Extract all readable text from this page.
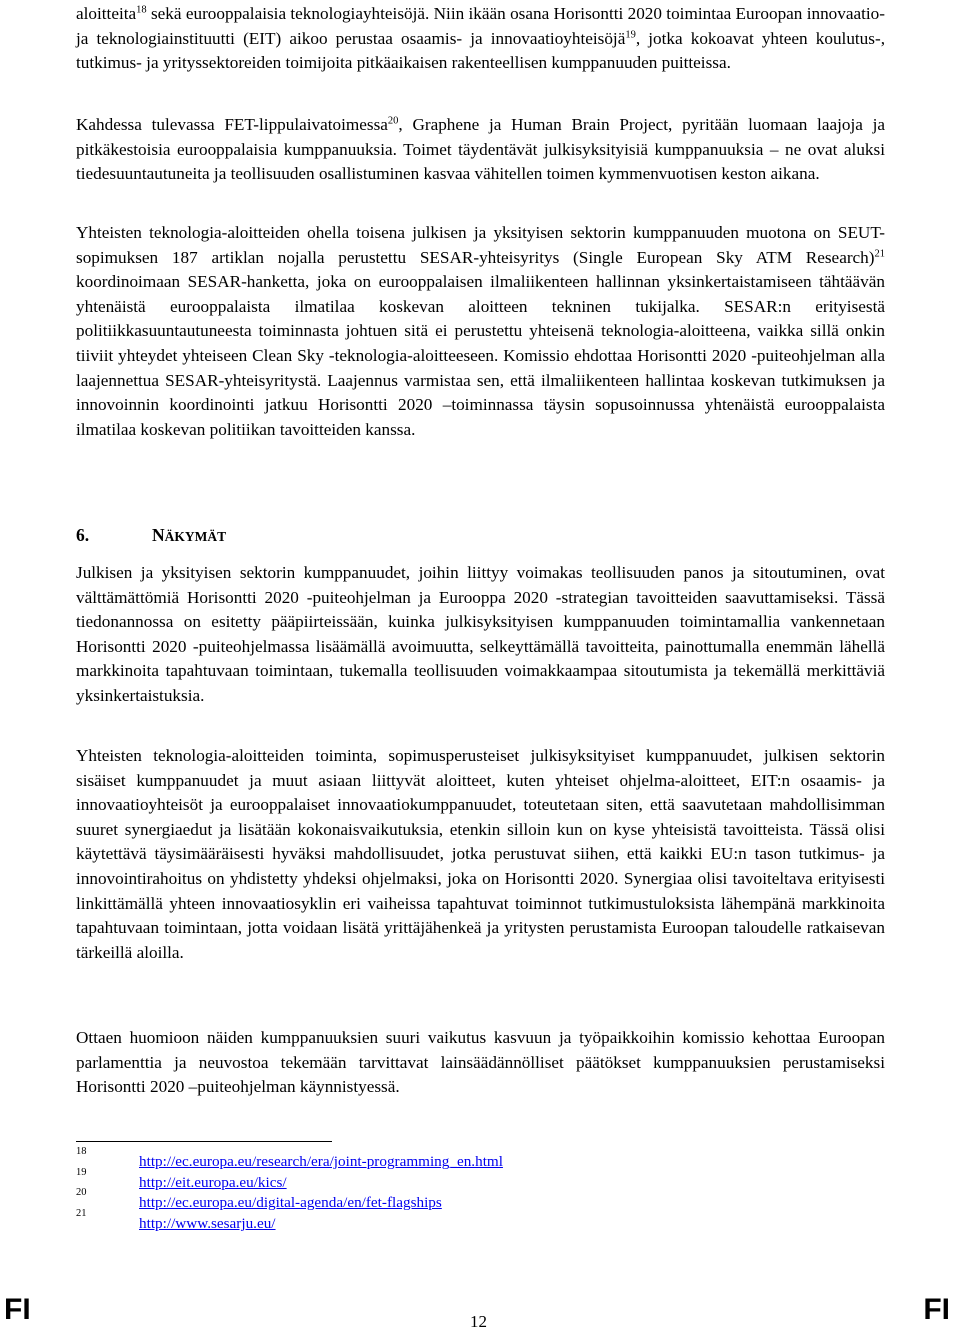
aloitteita$^{18}$ sekä eurooppalaisia teknologiayhteisöjä. Niin ikään osana Horisontti 2020 toimintaa Euroopan innovaatio- ja teknologiainstituutti (EIT) aikoo perustaa osaamis- ja innovaatioyhteisöjä$^{19}$, jotka kokoavat yhteen koulutus-, tutkimus- ja yrityssektoreiden toimijoita pitkäaikaisen rakenteellisen kumppanuuden puitteissa.

Kahdessa tulevassa FET-lippulaivatoimessa$^{20}$, Graphene ja Human Brain Project, pyritään luomaan laajoja ja pitkäkestoisia eurooppalaisia kumppanuuksia. Toimet täydentävät julkisyksityisiä kumppanuuksia – ne ovat aluksi tiedesuuntautuneita ja teollisuuden osallistuminen kasvaa vähitellen toimen kymmenvuotisen keston aikana.

Yhteisten teknologia-aloitteiden ohella toisena julkisen ja yksityisen sektorin kumppanuuden muotona on SEUT-sopimuksen 187 artiklan nojalla perustettu SESAR-yhteisyritys (Single European Sky ATM Research)$^{21}$ koordinoimaan SESAR-hanketta, joka on eurooppalaisen ilmaliikenteen hallinnan yksinkertaistamiseen tähtäävän yhtenäistä eurooppalaista ilmatilaa koskevan aloitteen tekninen tukijalka. SESAR:n erityisestä politiikkasuuntautuneesta toiminnasta johtuen sitä ei perustettu yhteisenä teknologia-aloitteena, vaikka sillä onkin tiiviit yhteydet yhteiseen Clean Sky -teknologia-aloitteeseen. Komissio ehdottaa Horisontti 2020 -puiteohjelman alla laajennettua SESAR-yhteisyritystä. Laajennus varmistaa sen, että ilmaliikenteen hallintaa koskevan tutkimuksen ja innovoinnin koordinointi jatkuu Horisontti 2020 –toiminnassa täysin sopusoinnussa yhtenäistä eurooppalaista ilmatilaa koskevan politiikan tavoitteiden kanssa.

6.	NÄKYMÄT

Julkisen ja yksityisen sektorin kumppanuudet, joihin liittyy voimakas teollisuuden panos ja sitoutuminen, ovat välttämättömiä Horisontti 2020 -puiteohjelman ja Eurooppa 2020 -strategian tavoitteiden saavuttamiseksi. Tässä tiedonannossa on esitetty pääpiirteissään, kuinka julkisyksityisen kumppanuuden toimintamallia vankennetaan Horisontti 2020 -puiteohjelmassa lisäämällä avoimuutta, selkeyttämällä tavoitteita, painottumalla enemmän lähellä markkinoita tapahtuvaan toimintaan, tukemalla teollisuuden voimakkaampaa sitoutumista ja tekemällä merkittäviä yksinkertaistuksia.

Yhteisten teknologia-aloitteiden toiminta, sopimusperusteiset julkisyksityiset kumppanuudet, julkisen sektorin sisäiset kumppanuudet ja muut asiaan liittyvät aloitteet, kuten yhteiset ohjelma-aloitteet, EIT:n osaamis- ja innovaatioyhteisöt ja eurooppalaiset innovaatiokumppanuudet, toteutetaan siten, että saavutetaan mahdollisimman suuret synergiaedut ja lisätään kokonaisvaikutuksia, etenkin silloin kun on kyse yhteisistä tavoitteista. Tässä olisi käytettävä täysimääräisesti hyväksi mahdollisuudet, jotka perustuvat siihen, että kaikki EU:n tason tutkimus- ja innovointirahoitus on yhdistetty yhdeksi ohjelmaksi, joka on Horisontti 2020. Synergiaa olisi tavoiteltava erityisesti linkittämällä yhteen innovaatiosyklin eri vaiheissa tapahtuvat toiminnot tutkimustuloksista lähempänä markkinoita tapahtuvaan toimintaan, jotta voidaan lisätä yrittäjähenkeä ja yritysten perustamista Euroopan taloudelle ratkaisevan tärkeillä aloilla.

Ottaen huomioon näiden kumppanuuksien suuri vaikutus kasvuun ja työpaikkoihin komissio kehottaa Euroopan parlamenttia ja neuvostoa tekemään tarvittavat lainsäädännölliset päätökset kumppanuuksien perustamiseksi Horisontti 2020 –puiteohjelman käynnistyessä.

18
http://ec.europa.eu/research/era/joint-programming_en.html
19
http://eit.europa.eu/kics/
20
http://ec.europa.eu/digital-agenda/en/fet-flagships
21
http://www.sesarju.eu/
FI	12	FI
